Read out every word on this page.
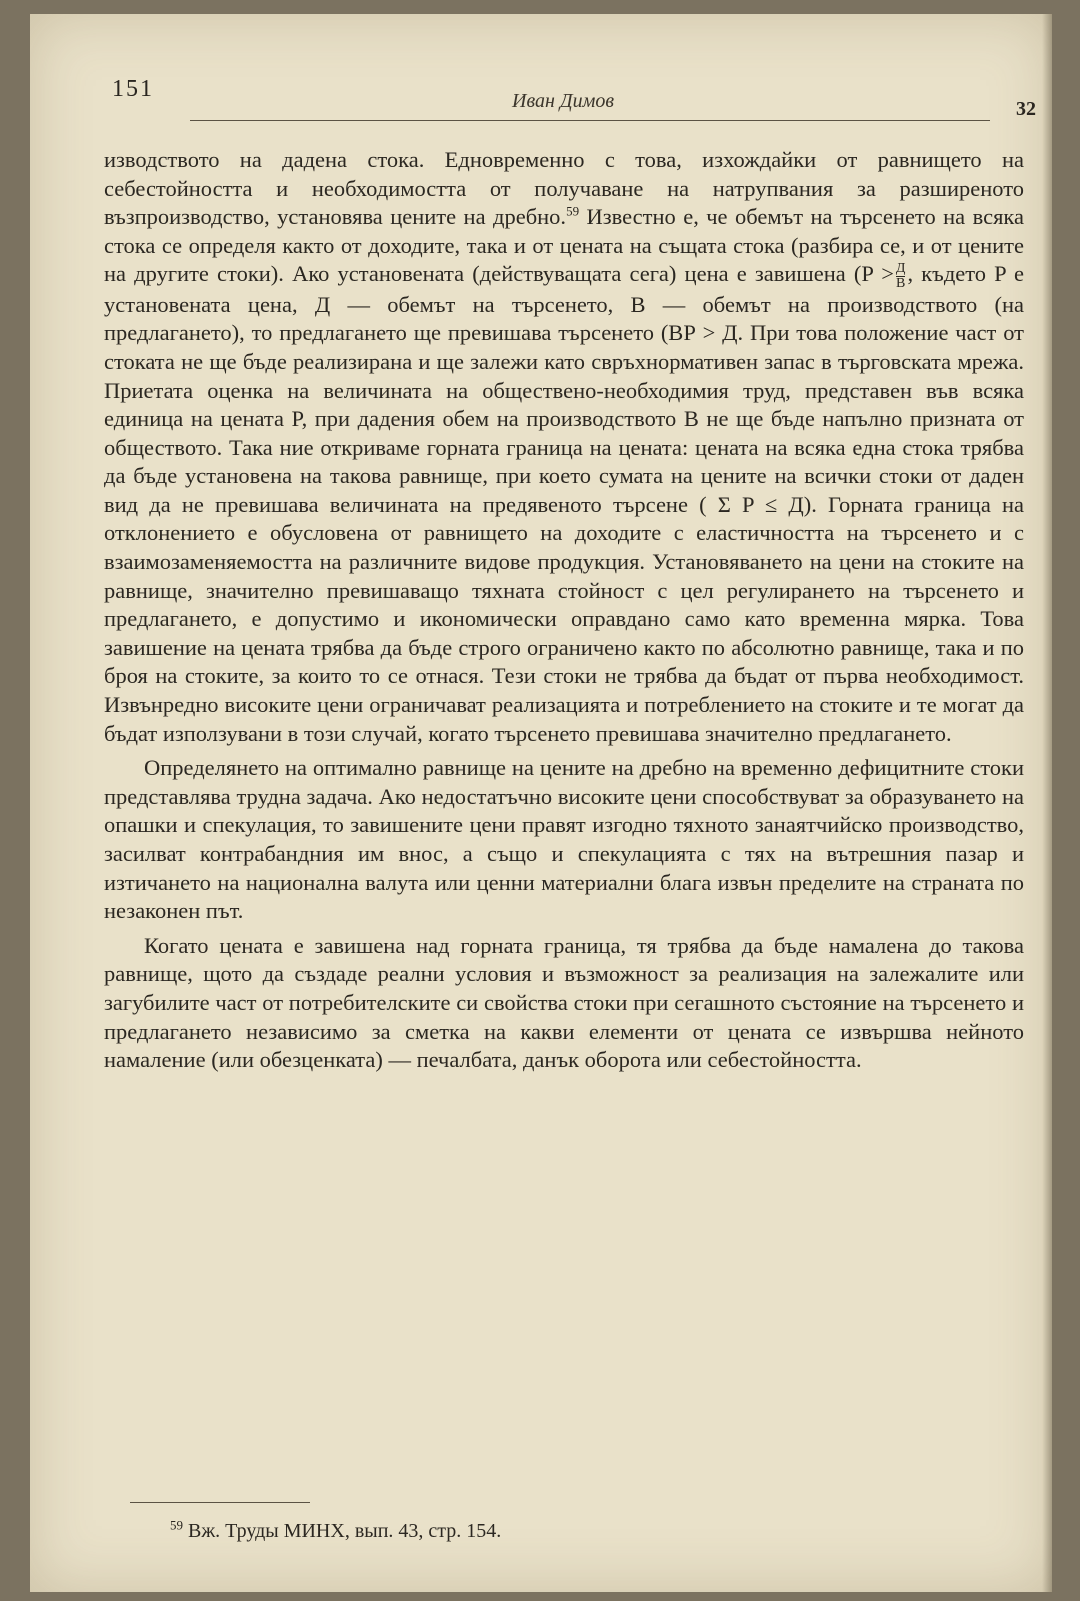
151	Иван Димов	32

изводството на дадена стока. Едновременно с това, изхождайки от равнището на себестойността и необходимостта от получаване на натрупвания за разширеното възпроизводство, установява цените на дребно.$^{59}$ Известно е, че обемът на търсенето на всяка стока се определя както от доходите, така и от цената на същата стока (разбира се, и от цените на другите стоки). Ако установената (действуващата сега) цена е завишена ($P > \frac{Д}{В}$ , където P е установената цена, Д — обемът на търсенето, В — обемът на производството (на предлагането), то предлагането ще превишава търсенето (ВР > Д. При това положение част от стоката не ще бъде реализирана и ще залежи като свръхнормативен запас в търговската мрежа. Приетата оценка на величината на обществено-необходимия труд, представен във всяка единица на цената P, при дадения обем на производството В не ще бъде напълно призната от обществото. Така ние откриваме горната граница на цената: цената на всяка една стока трябва да бъде установена на такова равнище, при което сумата на цените на всички стоки от даден вид да не превишава величината на предявеното търсене ( Σ P ≤ Д). Горната граница на отклонението е обусловена от равнището на доходите с еластичността на търсенето и с взаимозаменяемостта на различните видове продукция. Установяването на цени на стоките на равнище, значително превишаващо тяхната стойност с цел регулирането на търсенето и предлагането, е допустимо и икономически оправдано само като временна мярка. Това завишение на цената трябва да бъде строго ограничено както по абсолютно равнище, така и по броя на стоките, за които то се отнася. Тези стоки не трябва да бъдат от първа необходимост. Извънредно високите цени ограничават реализацията и потреблението на стоките и те могат да бъдат използувани в този случай, когато търсенето превишава значително предлагането.

Определянето на оптимално равнище на цените на дребно на временно дефицитните стоки представлява трудна задача. Ако недостатъчно високите цени способствуват за образуването на опашки и спекулация, то завишените цени правят изгодно тяхното занаятчийско производство, засилват контрабандния им внос, а също и спекулацията с тях на вътрешния пазар и изтичането на национална валута или ценни материални блага извън пределите на страната по незаконен път.

Когато цената е завишена над горната граница, тя трябва да бъде намалена до такова равнище, щото да създаде реални условия и възможност за реализация на залежалите или загубилите част от потребителските си свойства стоки при сегашното състояние на търсенето и предлагането независимо за сметка на какви елементи от цената се извършва нейното намаление (или обезценката) — печалбата, данък оборота или себестойността.

$^{59}$ Вж. Труды МИНХ, вып. 43, стр. 154.
